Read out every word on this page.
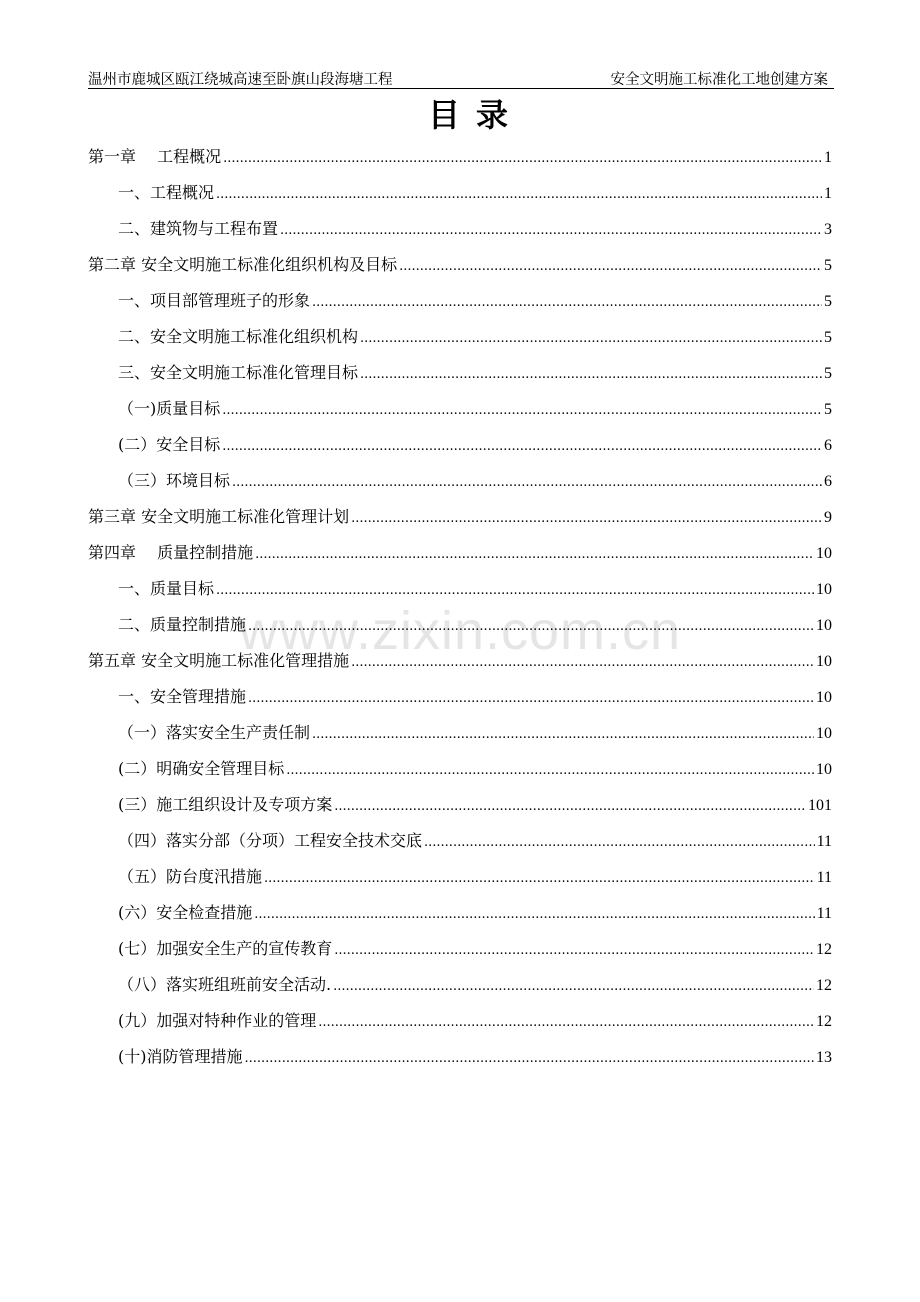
温州市鹿城区瓯江绕城高速至卧旗山段海塘工程	安全文明施工标准化工地创建方案
目录
www.zixin.com.cn
第一章　 工程概况 .....	1
一、工程概况 .....	1
二、建筑物与工程布置 .....	3
第二章 安全文明施工标准化组织机构及目标 .....	5
一、项目部管理班子的形象 .....	5
二、安全文明施工标准化组织机构 .....	5
三、安全文明施工标准化管理目标 .....	5
（一)质量目标 .....	5
(二）安全目标 .....	6
（三）环境目标 .....	6
第三章 安全文明施工标准化管理计划 .....	9
第四章 　质量控制措施 .....	10
一、质量目标 .....	10
二、质量控制措施 .....	10
第五章 安全文明施工标准化管理措施 .....	10
一、安全管理措施 .....	10
（一）落实安全生产责任制 .....	10
(二）明确安全管理目标 .....	10
(三）施工组织设计及专项方案 .....	101
（四）落实分部（分项）工程安全技术交底 .....	11
（五）防台度汛措施 .....	11
(六）安全检查措施 .....	11
(七）加强安全生产的宣传教育 .....	12
（八）落实班组班前安全活动. .....	12
(九）加强对特种作业的管理 .....	12
(十)消防管理措施 .....	13
